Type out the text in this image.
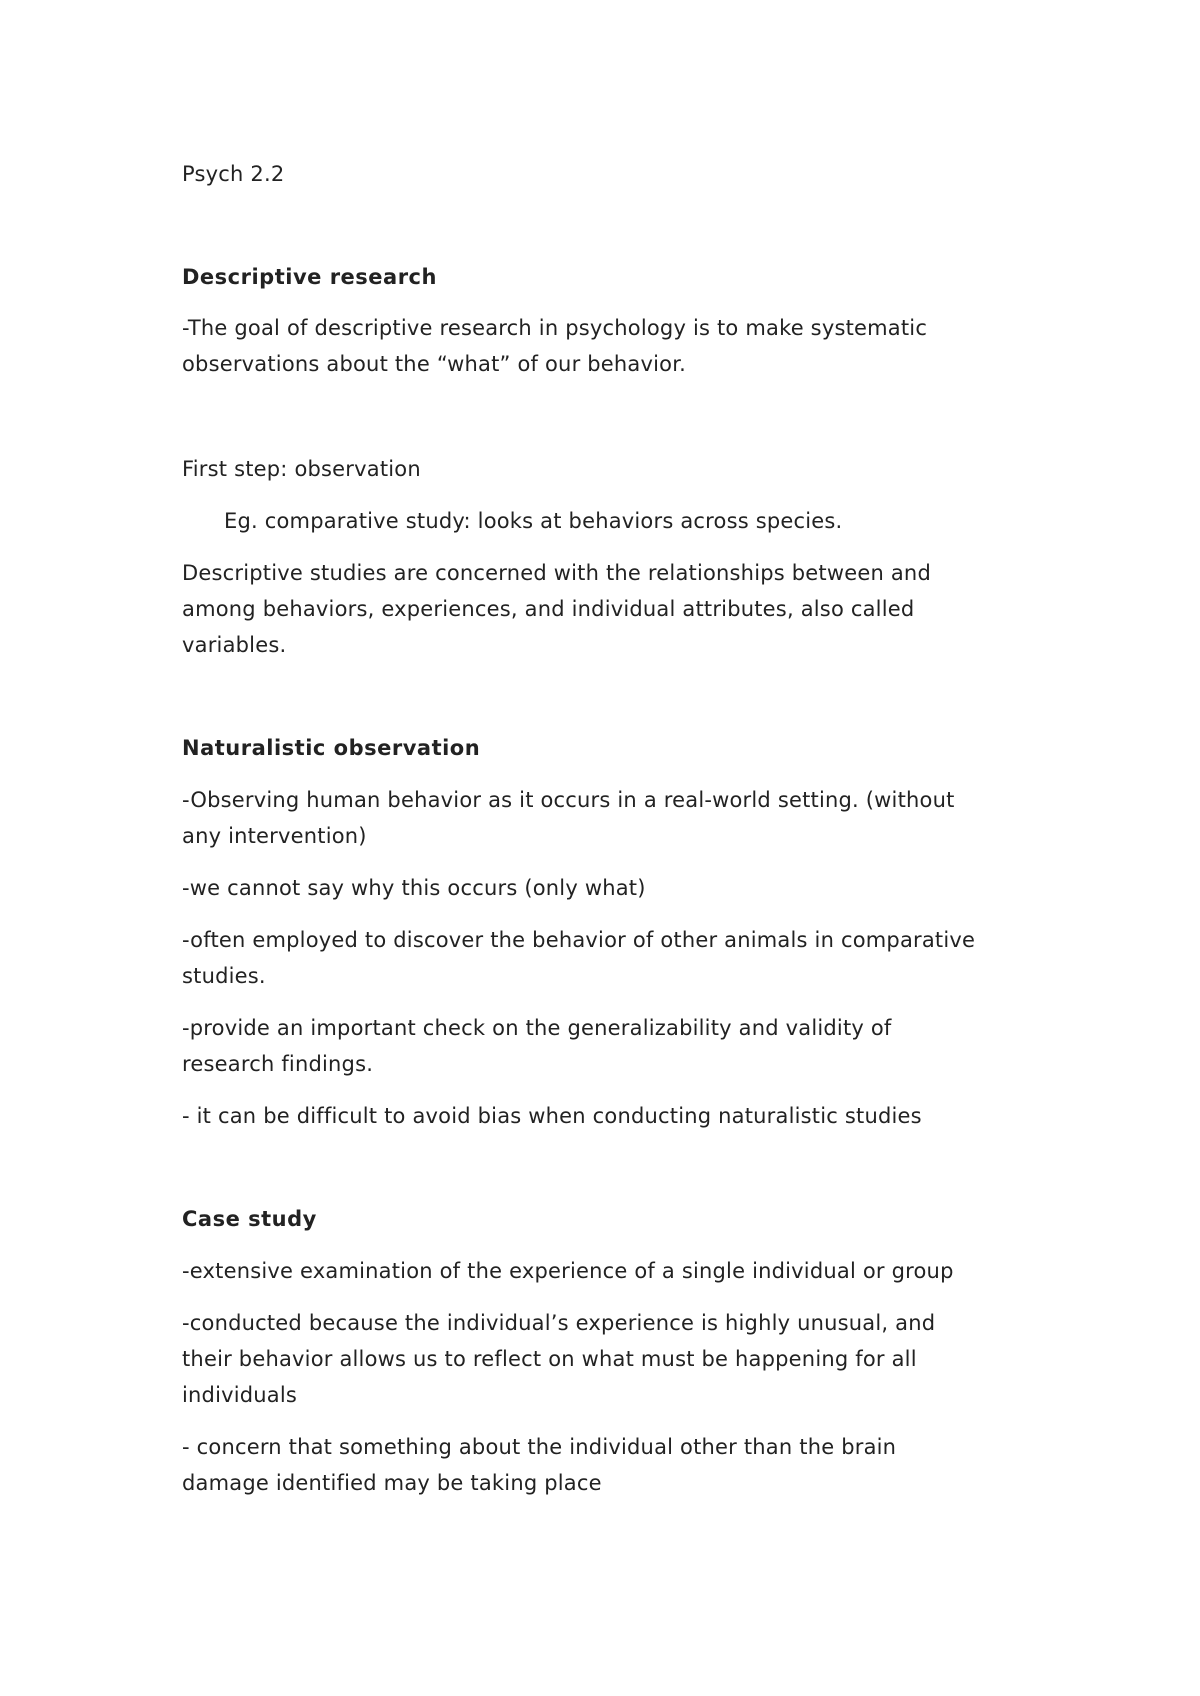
Psych 2.2

Descriptive research

-The goal of descriptive research in psychology is to make systematic

observations about the “what” of our behavior.

First step: observation

Eg. comparative study: looks at behaviors across species.

Descriptive studies are concerned with the relationships between and

among behaviors, experiences, and individual attributes, also called

variables.

Naturalistic observation

-Observing human behavior as it occurs in a real-world setting. (without

any intervention)

-we cannot say why this occurs (only what)

-often employed to discover the behavior of other animals in comparative

studies.

-provide an important check on the generalizability and validity of

research findings.

- it can be difficult to avoid bias when conducting naturalistic studies

Case study

-extensive examination of the experience of a single individual or group

-conducted because the individual’s experience is highly unusual, and

their behavior allows us to reflect on what must be happening for all

individuals

- concern that something about the individual other than the brain

damage identified may be taking place
